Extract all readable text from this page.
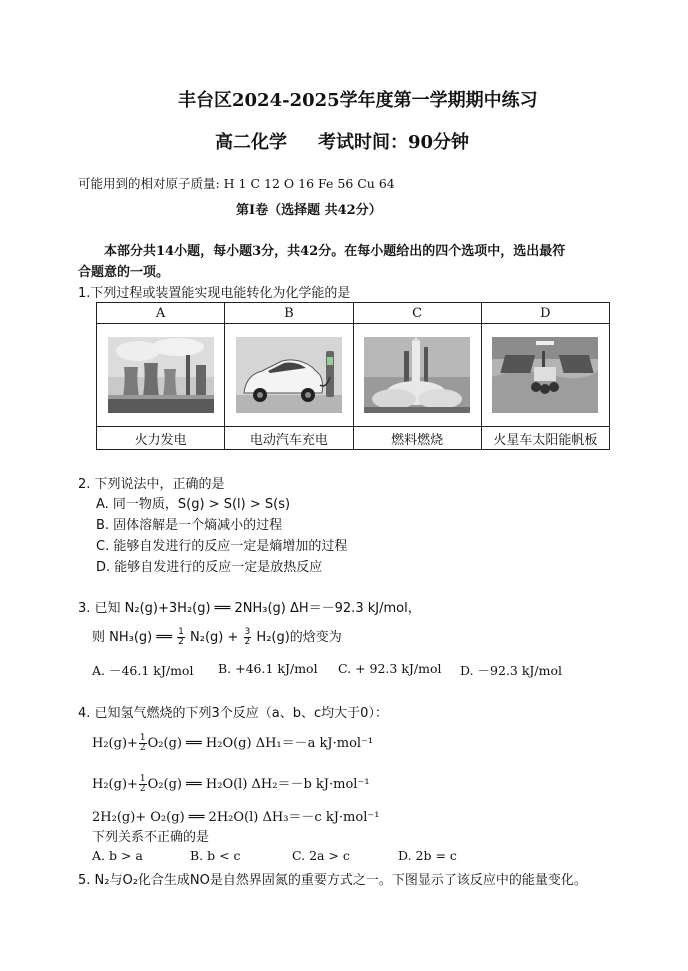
丰台区2024-2025学年度第一学期期中练习
高二化学 考试时间：90分钟
可能用到的相对原子质量: H 1 C 12 O 16 Fe 56 Cu 64
第I卷（选择题 共42分）
本部分共14小题，每小题3分，共42分。在每小题给出的四个选项中，选出最符
合题意的一项。
1.下列过程或装置能实现电能转化为化学能的是
A	B	C	D

火力发电	电动汽车充电	燃料燃烧	火星车太阳能帆板
2. 下列说法中，正确的是
A. 同一物质，S(g) > S(l) > S(s)
B. 固体溶解是一个熵减小的过程
C. 能够自发进行的反应一定是熵增加的过程
D. 能够自发进行的反应一定是放热反应
3. 已知 N₂(g)+3H₂(g) ══ 2NH₃(g) ΔH＝－92.3 kJ/mol，
则 NH₃(g) ══ $\frac{1}{2} N_2(g) + \frac{3}{2} H_2(g)$的焓变为
A. －46.1 kJ/mol B. +46.1 kJ/mol C. + 92.3 kJ/mol D. －92.3 kJ/mol
4. 已知氢气燃烧的下列3个反应（a、b、c均大于0）：
$H_2(g)+ \frac{1}{2} O_2(g)$ ══ H₂O(g) ΔH₁＝－a kJ·mol⁻¹
$H_2(g)+ \frac{1}{2} O_2(g)$ ══ H₂O(l) ΔH₂＝－b kJ·mol⁻¹
2H₂(g)+ O₂(g) ══ 2H₂O(l) ΔH₃＝－c kJ·mol⁻¹
下列关系不正确的是
A. b > a	B. b < c	C. 2a > c	D. 2b = c
5. N₂与O₂化合生成NO是自然界固氮的重要方式之一。下图显示了该反应中的能量变化。
